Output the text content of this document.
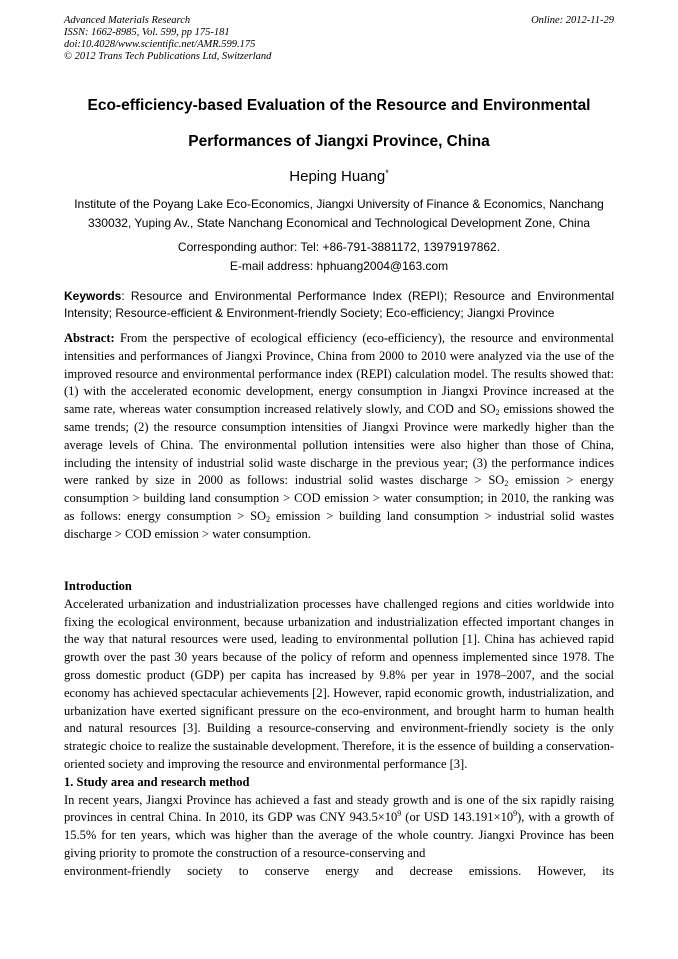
Advanced Materials Research
ISSN: 1662-8985, Vol. 599, pp 175-181
doi:10.4028/www.scientific.net/AMR.599.175
© 2012 Trans Tech Publications Ltd, Switzerland
Online: 2012-11-29
Eco-efficiency-based Evaluation of the Resource and Environmental
Performances of Jiangxi Province, China
Heping Huang*
Institute of the Poyang Lake Eco-Economics, Jiangxi University of Finance & Economics, Nanchang
330032, Yuping Av., State Nanchang Economical and Technological Development Zone, China
Corresponding author: Tel: +86-791-3881172, 13979197862.
E-mail address: hphuang2004@163.com
Keywords: Resource and Environmental Performance Index (REPI); Resource and Environmental Intensity; Resource-efficient & Environment-friendly Society; Eco-efficiency; Jiangxi Province
Abstract: From the perspective of ecological efficiency (eco-efficiency), the resource and environmental intensities and performances of Jiangxi Province, China from 2000 to 2010 were analyzed via the use of the improved resource and environmental performance index (REPI) calculation model. The results showed that: (1) with the accelerated economic development, energy consumption in Jiangxi Province increased at the same rate, whereas water consumption increased relatively slowly, and COD and $SO_2$ emissions showed the same trends; (2) the resource consumption intensities of Jiangxi Province were markedly higher than the average levels of China. The environmental pollution intensities were also higher than those of China, including the intensity of industrial solid waste discharge in the previous year; (3) the performance indices were ranked by size in 2000 as follows: industrial solid wastes discharge > $SO_2$ emission > energy consumption > building land consumption > COD emission > water consumption; in 2010, the ranking was as follows: energy consumption > $SO_2$ emission > building land consumption > industrial solid wastes discharge > COD emission > water consumption.
Introduction
Accelerated urbanization and industrialization processes have challenged regions and cities worldwide into fixing the ecological environment, because urbanization and industrialization effected important changes in the way that natural resources were used, leading to environmental pollution [1]. China has achieved rapid growth over the past 30 years because of the policy of reform and openness implemented since 1978. The gross domestic product (GDP) per capita has increased by 9.8% per year in 1978–2007, and the social economy has achieved spectacular achievements [2]. However, rapid economic growth, industrialization, and urbanization have exerted significant pressure on the eco-environment, and brought harm to human health and natural resources [3]. Building a resource-conserving and environment-friendly society is the only strategic choice to realize the sustainable development. Therefore, it is the essence of building a conservation-oriented society and improving the resource and environmental performance [3].
1. Study area and research method
In recent years, Jiangxi Province has achieved a fast and steady growth and is one of the six rapidly raising provinces in central China. In 2010, its GDP was CNY $943.5\times 10^9$ (or USD $143.191\times 10^9$), with a growth of 15.5% for ten years, which was higher than the average of the whole country. Jiangxi Province has been giving priority to promote the construction of a resource-conserving and
environment-friendly society to conserve energy and decrease emissions. However, its
